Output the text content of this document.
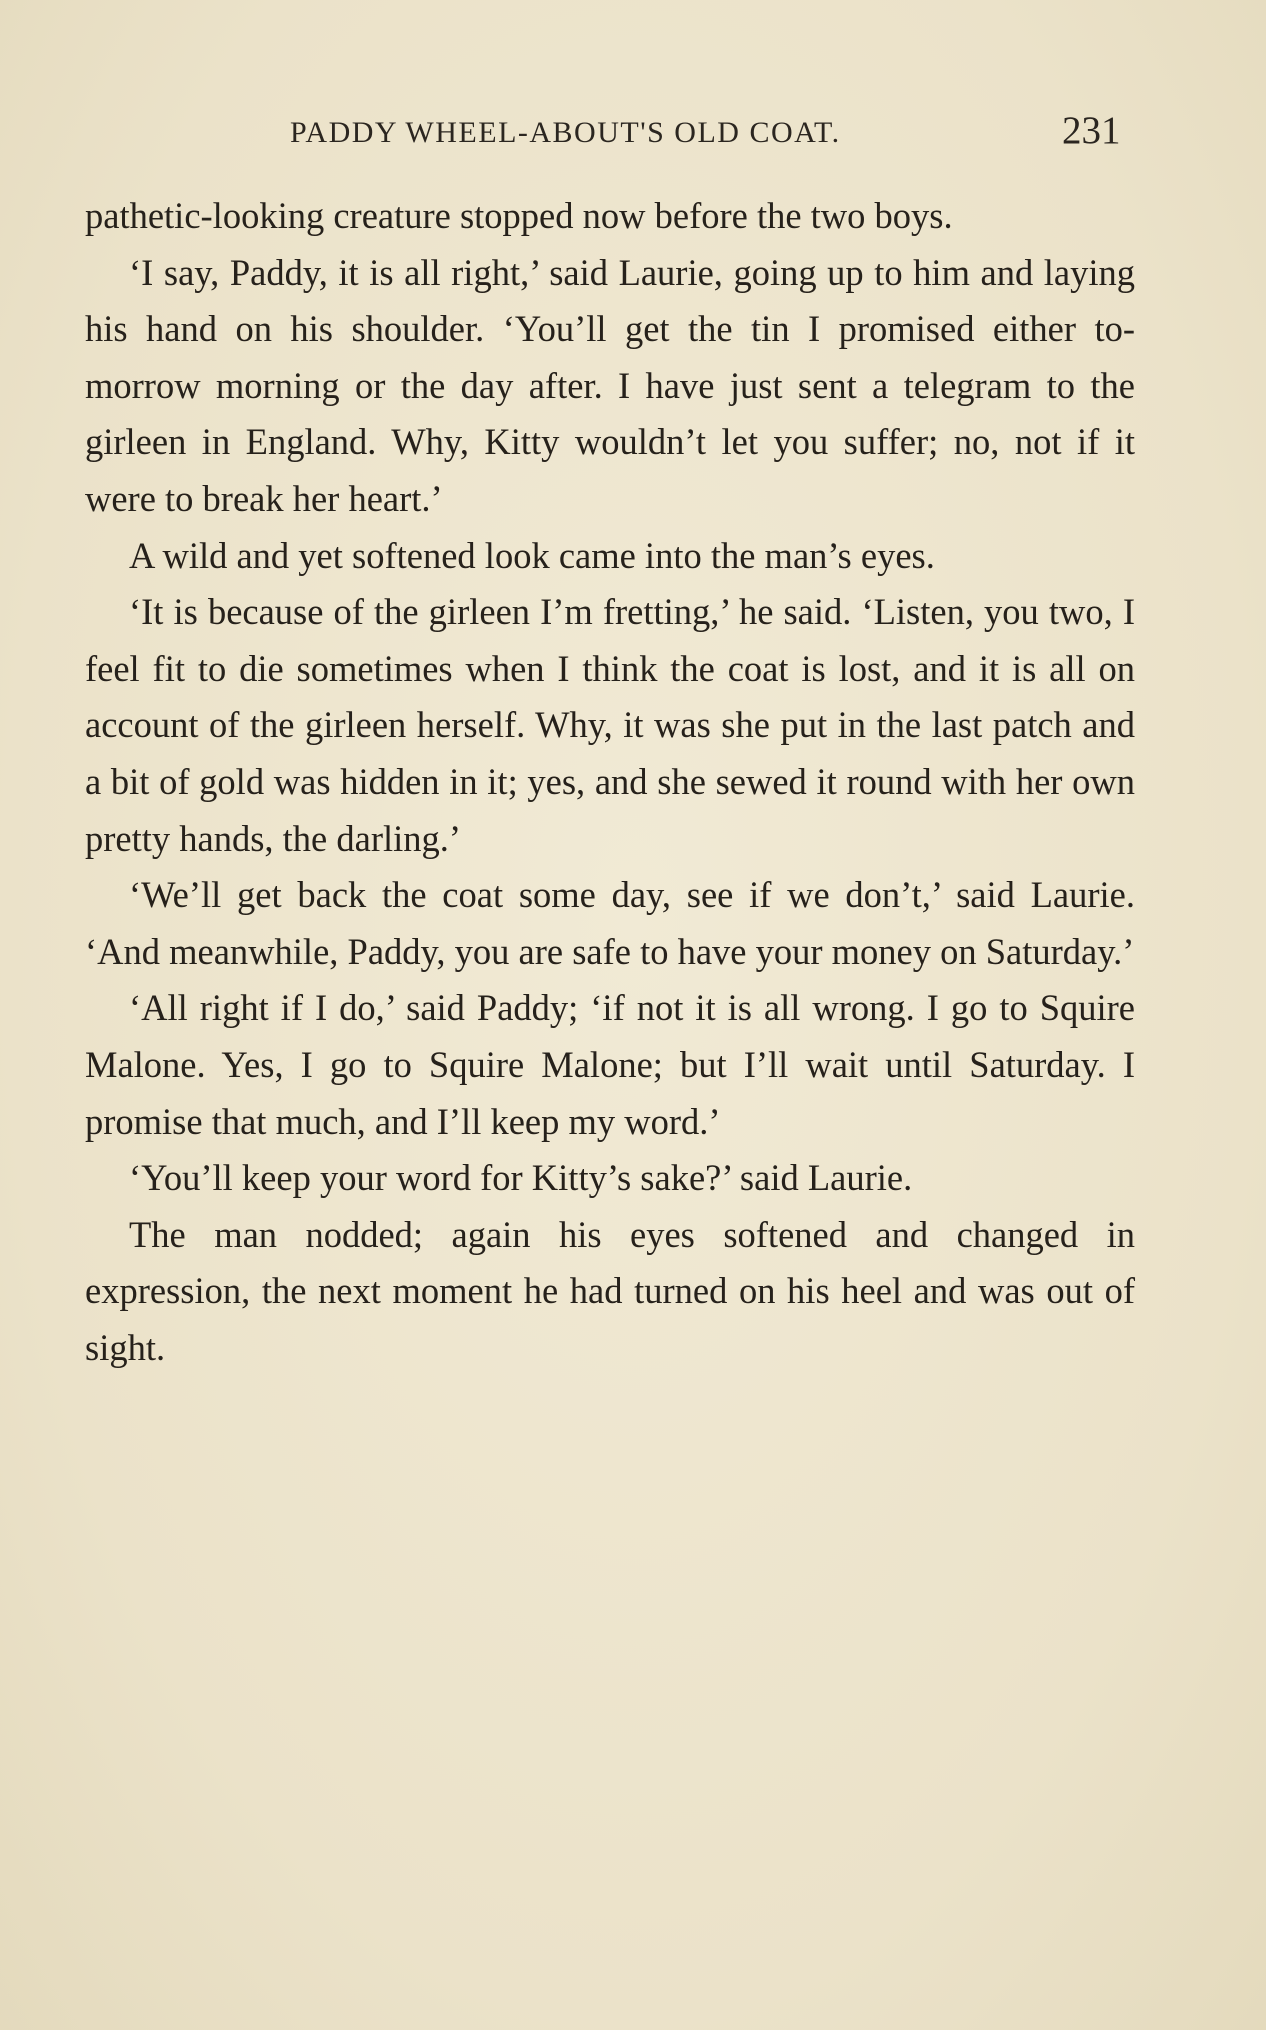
PADDY WHEEL-ABOUT'S OLD COAT.	231

pathetic-looking creature stopped now before the two boys.

‘I say, Paddy, it is all right,’ said Laurie, going up to him and laying his hand on his shoulder. ‘You’ll get the tin I promised either to-morrow morning or the day after. I have just sent a telegram to the girleen in England. Why, Kitty wouldn’t let you suffer; no, not if it were to break her heart.’

A wild and yet softened look came into the man’s eyes.

‘It is because of the girleen I’m fretting,’ he said. ‘Listen, you two, I feel fit to die sometimes when I think the coat is lost, and it is all on account of the girleen herself. Why, it was she put in the last patch and a bit of gold was hidden in it; yes, and she sewed it round with her own pretty hands, the darling.’

‘We’ll get back the coat some day, see if we don’t,’ said Laurie. ‘And meanwhile, Paddy, you are safe to have your money on Saturday.’

‘All right if I do,’ said Paddy; ‘if not it is all wrong. I go to Squire Malone. Yes, I go to Squire Malone; but I’ll wait until Saturday. I promise that much, and I’ll keep my word.’

‘You’ll keep your word for Kitty’s sake?’ said Laurie.

The man nodded; again his eyes softened and changed in expression, the next moment he had turned on his heel and was out of sight.
